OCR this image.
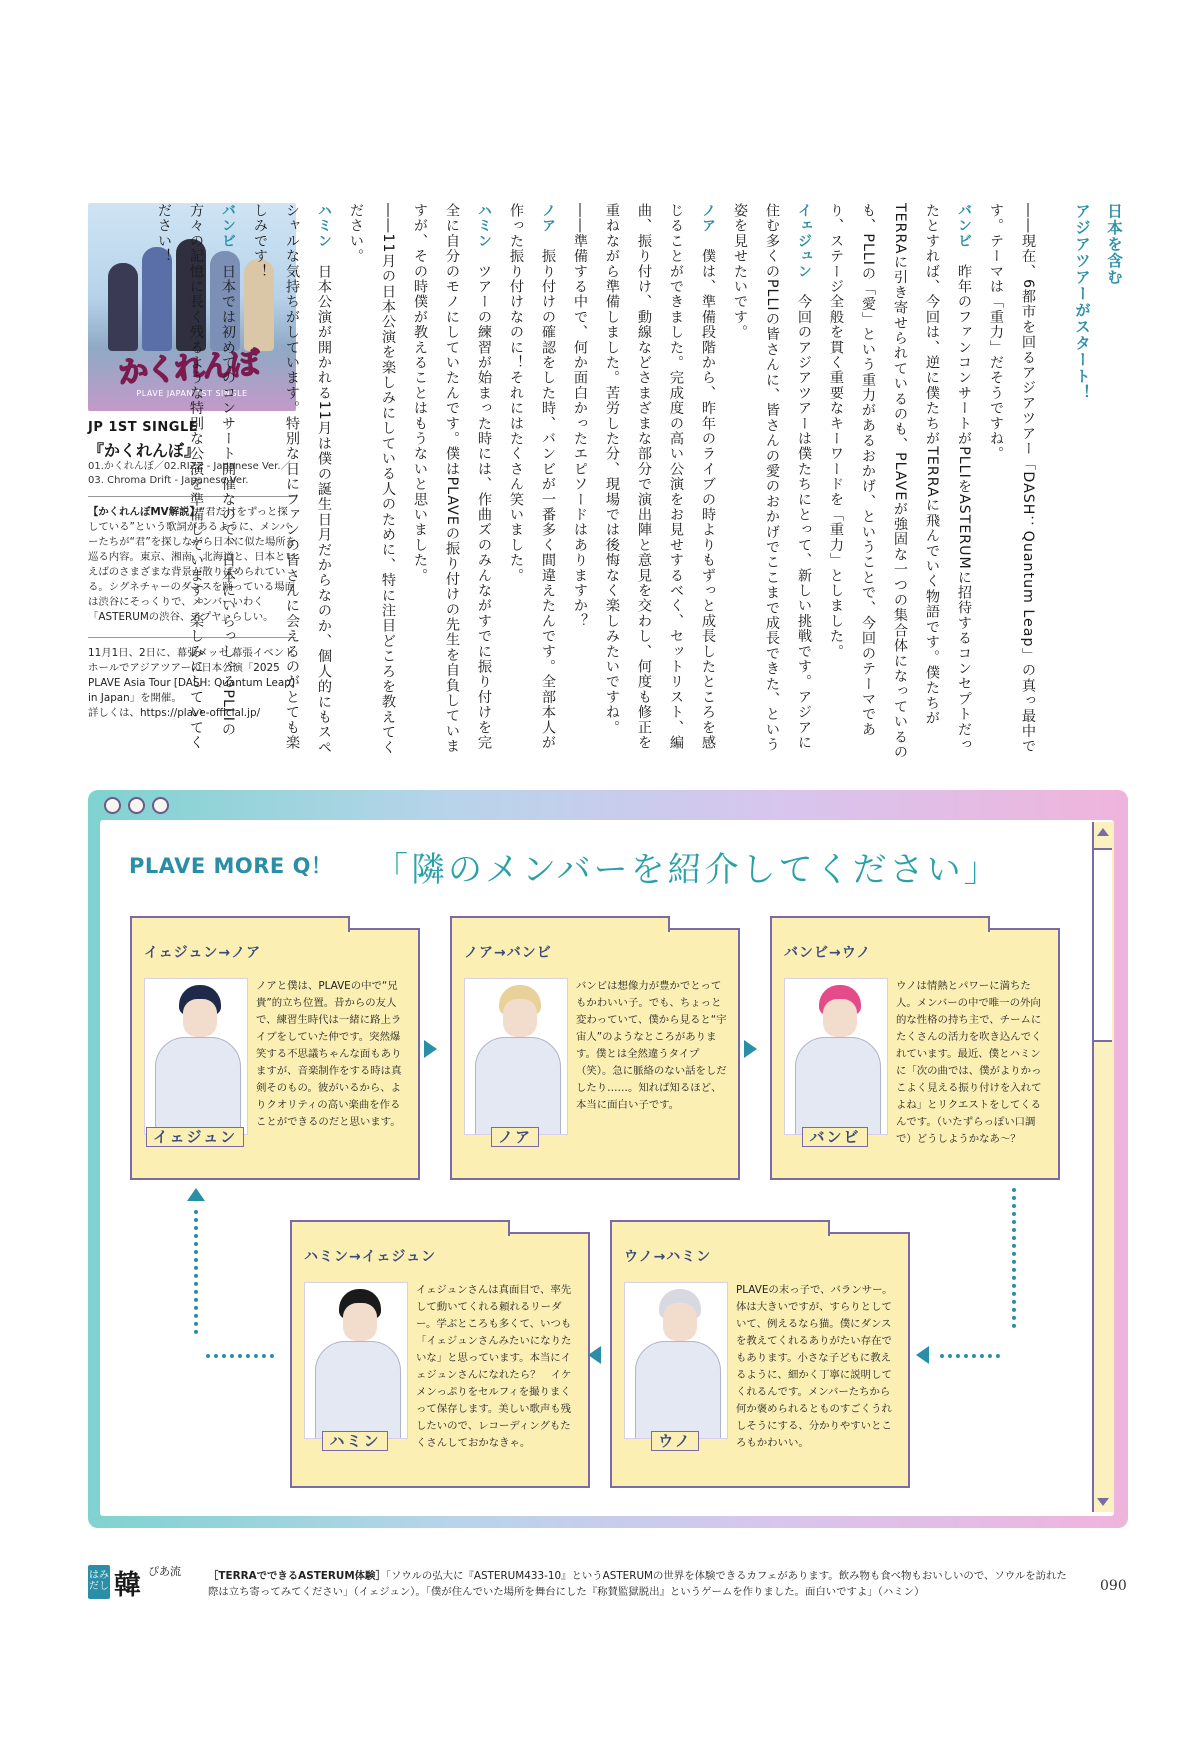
かくれんぼ
PLAVE JAPAN 1ST SINGLE
JP 1ST SINGLE
『かくれんぼ』
01.かくれんぼ／02.RIZZ - Japanese Ver.／
03. Chroma Drift - Japanese Ver.
【かくれんぼMV解説】“君だけをずっと探している”という歌詞があるように、メンバーたちが“君”を探しながら日本に似た場所を巡る内容。東京、湘南、北海道と、日本といえばのさまざまな背景が散りばめられている。シグネチャーのダンスを踊っている場面は渋谷にそっくりで、メンバーいわく「ASTERUMの渋谷、アプヤ」らしい。
11月1日、2日に、幕張メッセ 幕張イベントホールでアジアツアーの日本公演「2025 PLAVE Asia Tour [DASH: Quantum Leap] in Japan」を開催。
詳しくは、https://plave-official.jp/

日本を含む

アジアツアーがスタート！

――現在、6都市を回るアジアツアー「DASH：Quantum Leap」の真っ最中です。テーマは「重力」だそうですね。

バンビ　昨年のファンコンサートがPLLIをASTERUMに招待するコンセプトだったとすれば、今回は、逆に僕たちがTERRAに飛んでいく物語です。僕たちがTERRAに引き寄せられているのも、PLAVEが強固な一つの集合体になっているのも、PLLIの「愛」という重力があるおかげ、ということで、今回のテーマであり、ステージ全般を貫く重要なキーワードを「重力」としました。

イェジュン　今回のアジアツアーは僕たちにとって、新しい挑戦です。アジアに住む多くのPLLIの皆さんに、皆さんの愛のおかげでここまで成長できた、という姿を見せたいです。

ノア　僕は、準備段階から、昨年のライブの時よりもずっと成長したところを感じることができました。完成度の高い公演をお見せするべく、セットリスト、編曲、振り付け、動線などさまざまな部分で演出陣と意見を交わし、何度も修正を重ねながら準備しました。苦労した分、現場では後悔なく楽しみたいですね。

――準備する中で、何か面白かったエピソードはありますか？

ノア　振り付けの確認をした時、バンビが一番多く間違えたんです。全部本人が作った振り付けなのに！それにはたくさん笑いました。

ハミン　ツアーの練習が始まった時には、作曲ズのみんながすでに振り付けを完全に自分のモノにしていたんです。僕はPLAVEの振り付けの先生を自負していますが、その時僕が教えることはもうないと思いました。

――11月の日本公演を楽しみにしている人のために、特に注目どころを教えてください。

ハミン　日本公演が開かれる11月は僕の誕生日月だからなのか、個人的にもスペシャルな気持ちがしています。特別な日にファンの皆さんに会えるのがとても楽しみです！

バンビ　日本では初めてのコンサート開催なので、日本にいらっしゃるPLLIの方々の記憶に長く残るような特別な公演を準備しています。楽しみにしていてください！

PLAVE MORE Q！ 「隣のメンバーを紹介してください」
イェジュン→ノア
イェジュン
ノアと僕は、PLAVEの中で“兄貴”的立ち位置。昔からの友人で、練習生時代は一緒に路上ライブをしていた仲です。突然爆笑する不思議ちゃんな面もありますが、音楽制作をする時は真剣そのもの。彼がいるから、よりクオリティの高い楽曲を作ることができるのだと思います。
ノア→バンビ
ノア
バンビは想像力が豊かでとってもかわいい子。でも、ちょっと変わっていて、僕から見ると“宇宙人”のようなところがあります。僕とは全然違うタイプ（笑）。急に脈絡のない話をしだしたり……。知れば知るほど、本当に面白い子です。
バンビ→ウノ
バンビ
ウノは情熱とパワーに満ちた人。メンバーの中で唯一の外向的な性格の持ち主で、チームにたくさんの活力を吹き込んでくれています。最近、僕とハミンに「次の曲では、僕がよりかっこよく見える振り付けを入れてよね」とリクエストをしてくるんです。（いたずらっぽい口調で）どうしようかなあ～？
ハミン→イェジュン
ハミン
イェジュンさんは真面目で、率先して動いてくれる頼れるリーダー。学ぶところも多くて、いつも「イェジュンさんみたいになりたいな」と思っています。本当にイェジュンさんになれたら？　イケメンっぷりをセルフィを撮りまくって保存します。美しい歌声も残したいので、レコーディングもたくさんしておかなきゃ。
ウノ→ハミン
ウノ
PLAVEの末っ子で、バランサー。体は大きいですが、すらりとしていて、例えるなら猫。僕にダンスを教えてくれるありがたい存在でもあります。小さな子どもに教えるように、細かく丁寧に説明してくれるんです。メンバーたちから何か褒められるとものすごくうれしそうにする、分かりやすいところもかわいい。
はみだし 韓 ぴあ流	［TERRAでできるASTERUM体験］「ソウルの弘大に『ASTERUM433-10』というASTERUMの世界を体験できるカフェがあります。飲み物も食べ物もおいしいので、ソウルを訪れた際は立ち寄ってみてください」（イェジュン）。「僕が住んでいた場所を舞台にした『称賛監獄脱出』というゲームを作りました。面白いですよ」（ハミン）	090
